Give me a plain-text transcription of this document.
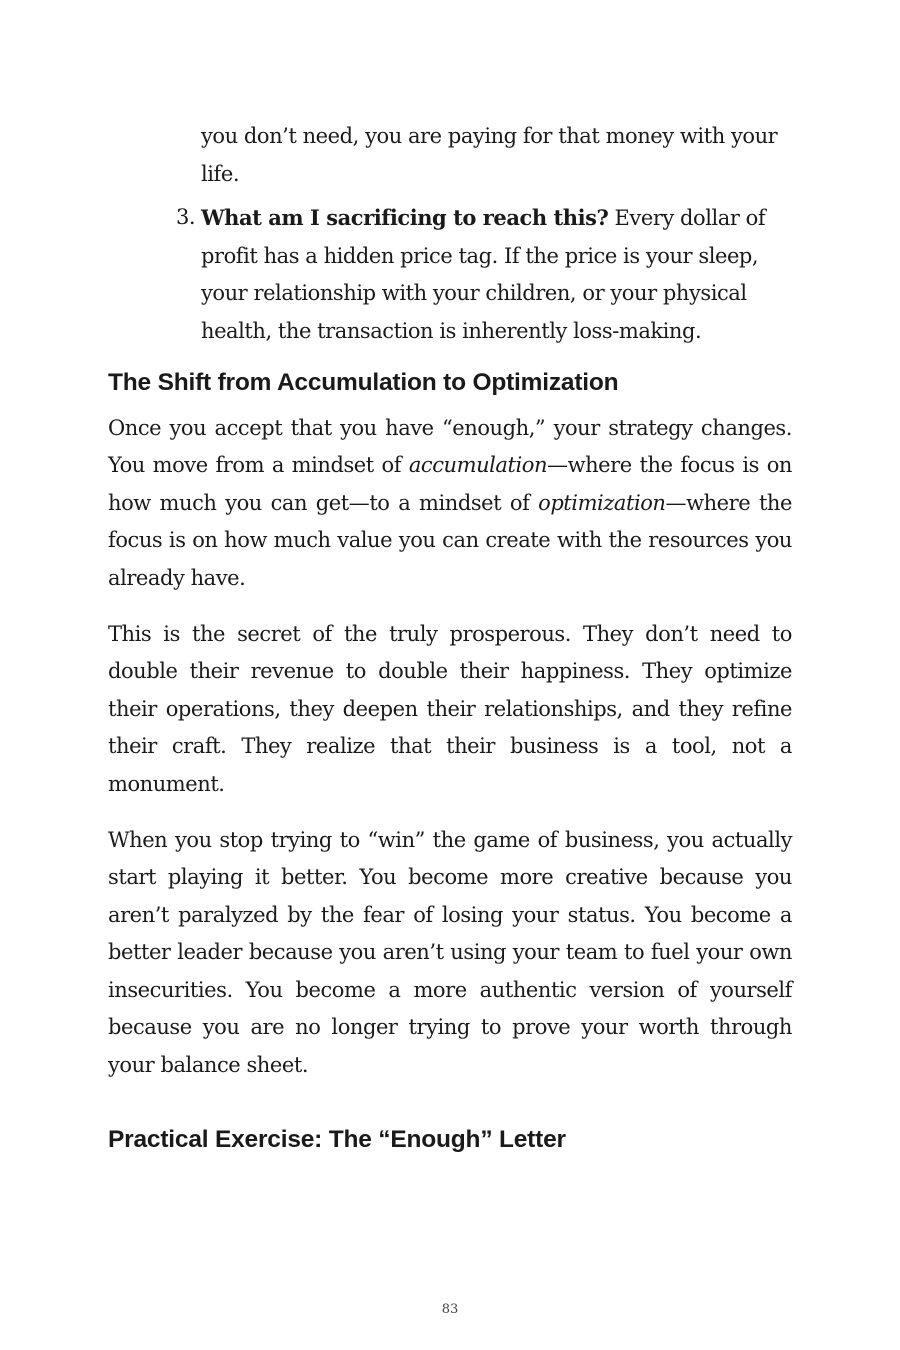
you don’t need, you are paying for that money with your life.

3. What am I sacrificing to reach this? Every dollar of profit has a hidden price tag. If the price is your sleep, your relationship with your children, or your physical health, the transaction is inherently loss-making.
The Shift from Accumulation to Optimization

Once you accept that you have “enough,” your strategy changes. You move from a mindset of accumulation—where the focus is on how much you can get—to a mindset of optimization—where the focus is on how much value you can create with the resources you already have.

This is the secret of the truly prosperous. They don’t need to double their revenue to double their happiness. They optimize their operations, they deepen their relationships, and they refine their craft. They realize that their business is a tool, not a monument.

When you stop trying to “win” the game of business, you actually start playing it better. You become more creative because you aren’t paralyzed by the fear of losing your status. You become a better leader because you aren’t using your team to fuel your own insecurities. You become a more authentic version of yourself because you are no longer trying to prove your worth through your balance sheet.

Practical Exercise: The “Enough” Letter
83
